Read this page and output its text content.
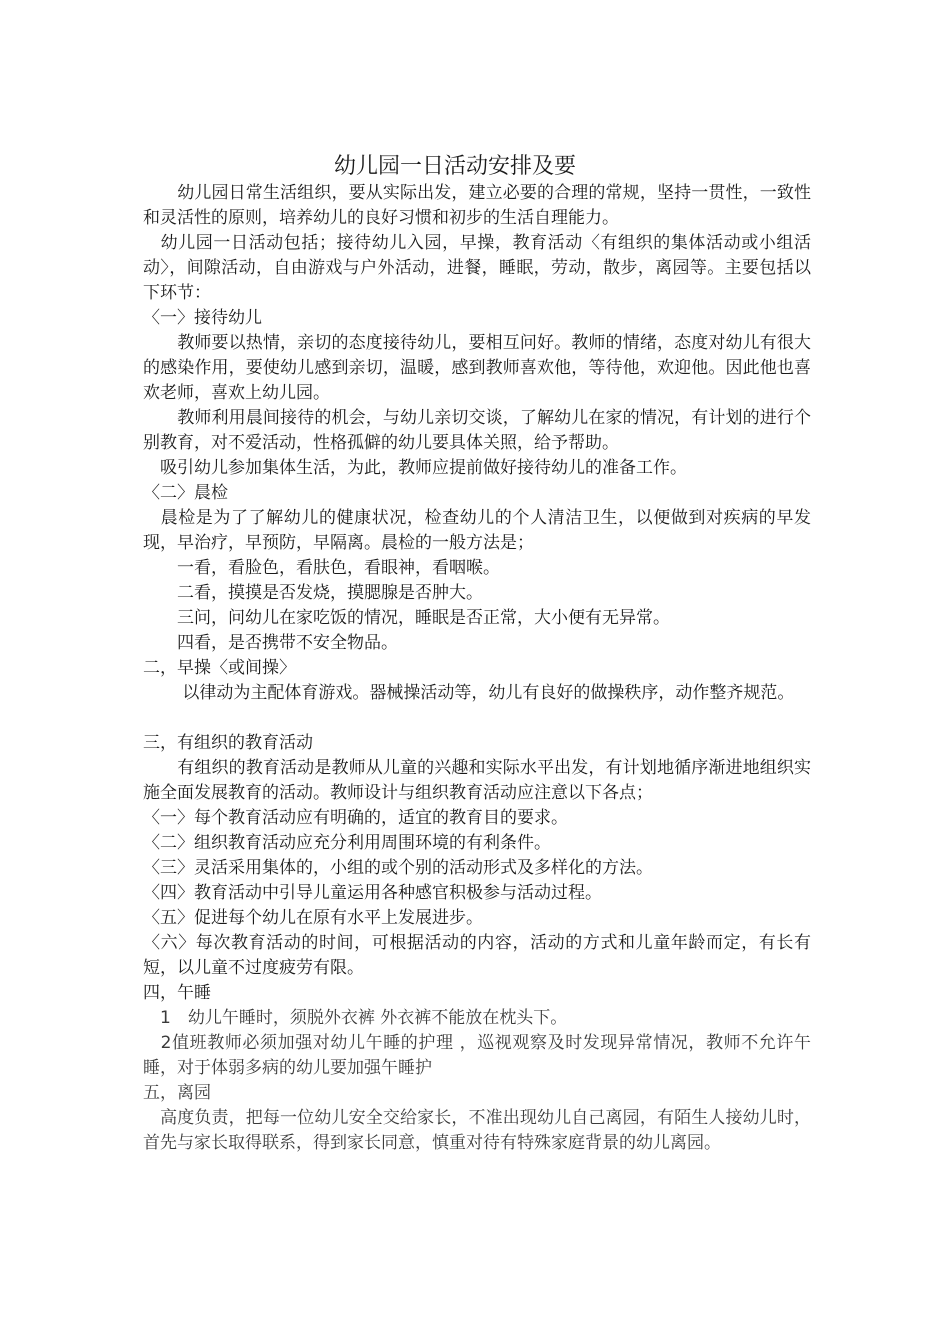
幼儿园一日活动安排及要
　　幼儿园日常生活组织，要从实际出发，建立必要的合理的常规，坚持一贯性，一致性和灵活性的原则，培养幼儿的良好习惯和初步的生活自理能力。
　幼儿园一日活动包括；接待幼儿入园，早操，教育活动〈有组织的集体活动或小组活动〉，间隙活动，自由游戏与户外活动，进餐，睡眠，劳动，散步，离园等。主要包括以下环节：
〈一〉接待幼儿
　　教师要以热情，亲切的态度接待幼儿，要相互问好。教师的情绪，态度对幼儿有很大的感染作用，要使幼儿感到亲切，温暖，感到教师喜欢他，等待他，欢迎他。因此他也喜欢老师，喜欢上幼儿园。
　　教师利用晨间接待的机会，与幼儿亲切交谈，了解幼儿在家的情况，有计划的进行个别教育，对不爱活动，性格孤僻的幼儿要具体关照，给予帮助。
　吸引幼儿参加集体生活，为此，教师应提前做好接待幼儿的准备工作。
〈二〉晨检
　晨检是为了了解幼儿的健康状况，检查幼儿的个人清洁卫生，以便做到对疾病的早发现，早治疗，早预防，早隔离。晨检的一般方法是；
　　一看，看脸色，看肤色，看眼神，看咽喉。
　　二看，摸摸是否发烧，摸腮腺是否肿大。
　　三问，问幼儿在家吃饭的情况，睡眠是否正常，大小便有无异常。
　　四看，是否携带不安全物品。
二，早操〈或间操〉
　　 以律动为主配体育游戏。器械操活动等，幼儿有良好的做操秩序，动作整齐规范。
三，有组织的教育活动
　　有组织的教育活动是教师从儿童的兴趣和实际水平出发，有计划地循序渐进地组织实施全面发展教育的活动。教师设计与组织教育活动应注意以下各点；
〈一〉每个教育活动应有明确的，适宜的教育目的要求。
〈二〉组织教育活动应充分利用周围环境的有利条件。
〈三〉灵活采用集体的，小组的或个别的活动形式及多样化的方法。
〈四〉教育活动中引导儿童运用各种感官积极参与活动过程。
〈五〉促进每个幼儿在原有水平上发展进步。
〈六〉每次教育活动的时间，可根据活动的内容，活动的方式和儿童年龄而定，有长有短，以儿童不过度疲劳有限。
四，午睡
　1　幼儿午睡时，须脱外衣裤 外衣裤不能放在枕头下。
　2值班教师必须加强对幼儿午睡的护理 ，巡视观察及时发现异常情况，教师不允许午睡，对于体弱多病的幼儿要加强午睡护
五，离园
　高度负责，把每一位幼儿安全交给家长，不准出现幼儿自己离园，有陌生人接幼儿时，首先与家长取得联系，得到家长同意，慎重对待有特殊家庭背景的幼儿离园。
